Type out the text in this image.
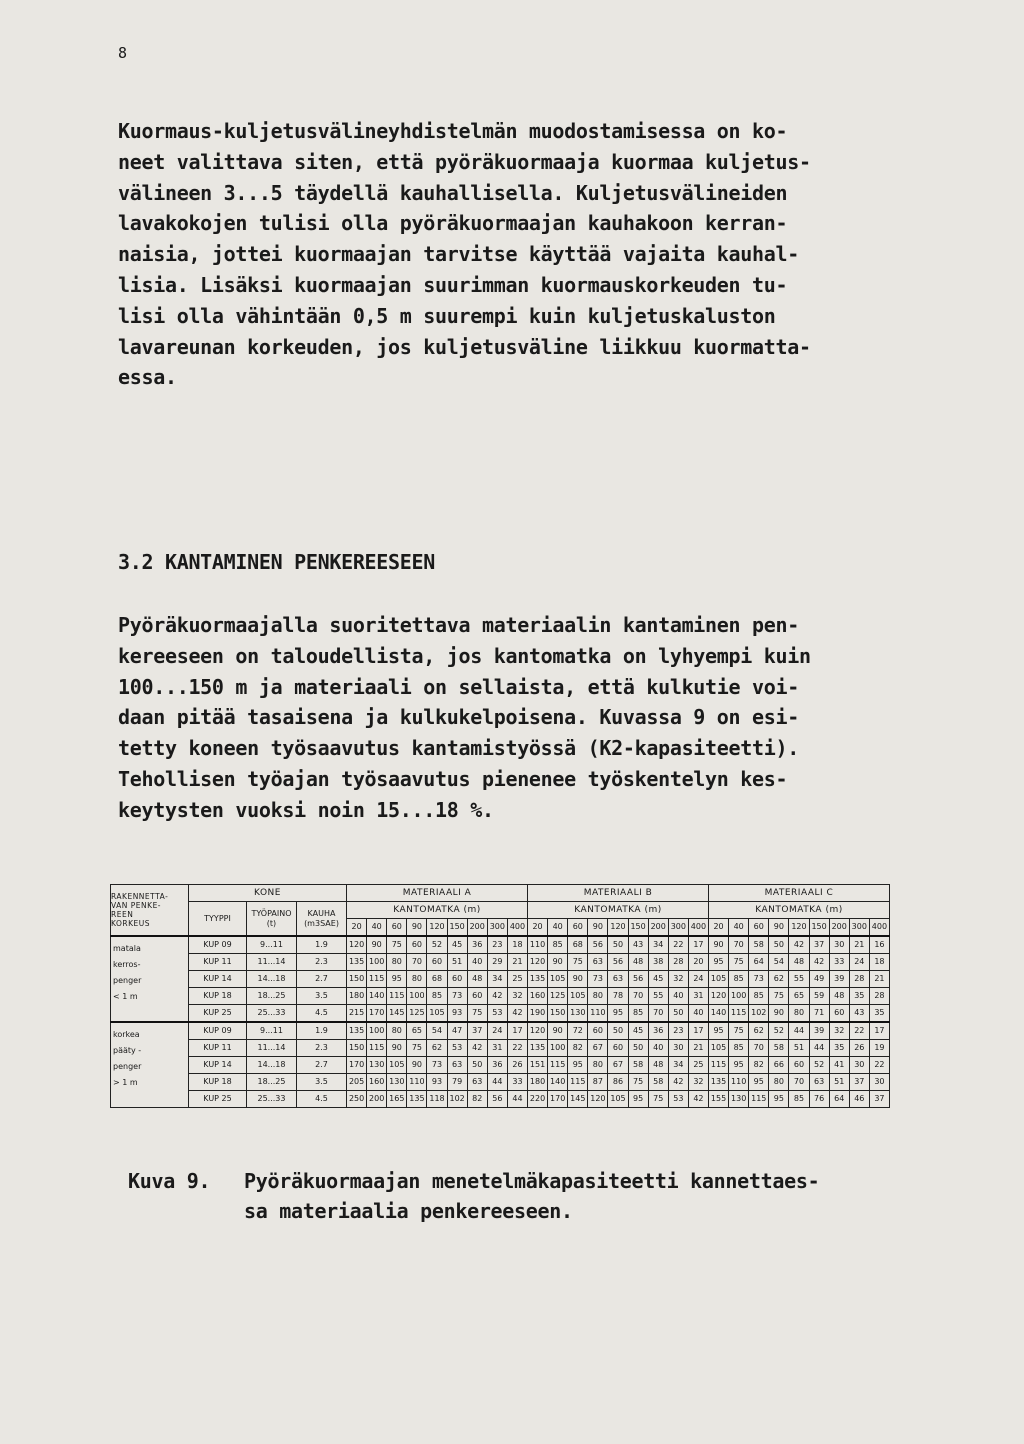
8
Kuormaus-kuljetusvälineyhdistelmän muodostamisessa on ko-
neet valittava siten, että pyöräkuormaaja kuormaa kuljetus-
välineen 3...5 täydellä kauhallisella. Kuljetusvälineiden
lavakokojen tulisi olla pyöräkuormaajan kauhakoon kerran-
naisia, jottei kuormaajan tarvitse käyttää vajaita kauhal-
lisia. Lisäksi kuormaajan suurimman kuormauskorkeuden tu-
lisi olla vähintään 0,5 m suurempi kuin kuljetuskaluston
lavareunan korkeuden, jos kuljetusväline liikkuu kuormatta-
essa.
3.2 KANTAMINEN PENKEREESEEN
Pyöräkuormaajalla suoritettava materiaalin kantaminen pen-
kereeseen on taloudellista, jos kantomatka on lyhyempi kuin
100...150 m ja materiaali on sellaista, että kulkutie voi-
daan pitää tasaisena ja kulkukelpoisena. Kuvassa 9 on esi-
tetty koneen työsaavutus kantamistyössä (K2-kapasiteetti).
Tehollisen työajan työsaavutus pienenee työskentelyn kes-
keytysten vuoksi noin 15...18 %.
RAKENNETTA-
VAN PENKE-
REEN
KORKEUS	KONE			MATERIAALI A									MATERIAALI B									MATERIAALI C								
	TYYPPI	TYÖPAINO
(t)	KAUHA
(m3SAE)	KANTOMATKA (m)									KANTOMATKA (m)									KANTOMATKA (m)								
				20	40	60	90	120	150	200	300	400	20	40	60	90	120	150	200	300	400	20	40	60	90	120	150	200	300	400
matala
kerros-
penger
< 1 m	KUP 09	9...11	1.9	120	90	75	60	52	45	36	23	18	110	85	68	56	50	43	34	22	17	90	70	58	50	42	37	30	21	16
	KUP 11	11...14	2.3	135	100	80	70	60	51	40	29	21	120	90	75	63	56	48	38	28	20	95	75	64	54	48	42	33	24	18
	KUP 14	14...18	2.7	150	115	95	80	68	60	48	34	25	135	105	90	73	63	56	45	32	24	105	85	73	62	55	49	39	28	21
	KUP 18	18...25	3.5	180	140	115	100	85	73	60	42	32	160	125	105	80	78	70	55	40	31	120	100	85	75	65	59	48	35	28
	KUP 25	25...33	4.5	215	170	145	125	105	93	75	53	42	190	150	130	110	95	85	70	50	40	140	115	102	90	80	71	60	43	35
korkea
pääty -
penger
> 1 m	KUP 09	9...11	1.9	135	100	80	65	54	47	37	24	17	120	90	72	60	50	45	36	23	17	95	75	62	52	44	39	32	22	17
	KUP 11	11...14	2.3	150	115	90	75	62	53	42	31	22	135	100	82	67	60	50	40	30	21	105	85	70	58	51	44	35	26	19
	KUP 14	14...18	2.7	170	130	105	90	73	63	50	36	26	151	115	95	80	67	58	48	34	25	115	95	82	66	60	52	41	30	22
	KUP 18	18...25	3.5	205	160	130	110	93	79	63	44	33	180	140	115	87	86	75	58	42	32	135	110	95	80	70	63	51	37	30
	KUP 25	25...33	4.5	250	200	165	135	118	102	82	56	44	220	170	145	120	105	95	75	53	42	155	130	115	95	85	76	64	46	37
Kuva 9. Pyöräkuormaajan menetelmäkapasiteetti kannettaes-
sa materiaalia penkereeseen.
